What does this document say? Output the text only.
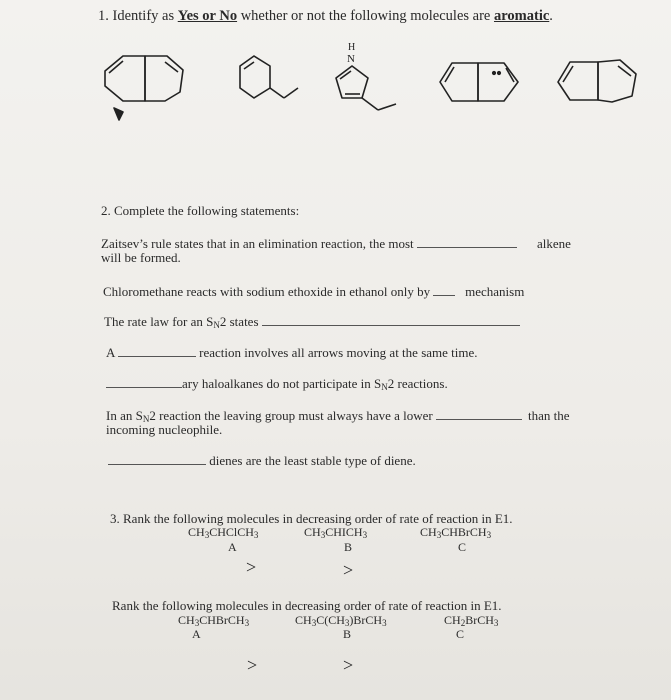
1. Identify as Yes or No whether or not the following molecules are aromatic.
H
N
2. Complete the following statements:
Zaitsev’s rule states that in an elimination reaction, the most	alkene
will be formed.
Chloromethane reacts with sodium ethoxide in ethanol only by	mechanism
The rate law for an $S_N2$ states
A	reaction involves all arrows moving at the same time.
ary haloalkanes do not participate in $S_N2$ reactions.
In an $S_N2$ reaction the leaving group must always have a lower	than the
incoming nucleophile.
dienes are the least stable type of diene.
3. Rank the following molecules in decreasing order of rate of reaction in E1.
$CH_3CHClCH_3$	$CH_3CHICH_3$	$CH_3CHBrCH_3$
A	B	C
>	>
Rank the following molecules in decreasing order of rate of reaction in E1.
$CH_3CHBrCH_3$	$CH_3C(CH_3)BrCH_3$	$CH_2BrCH_3$
A	B	C
>	>
